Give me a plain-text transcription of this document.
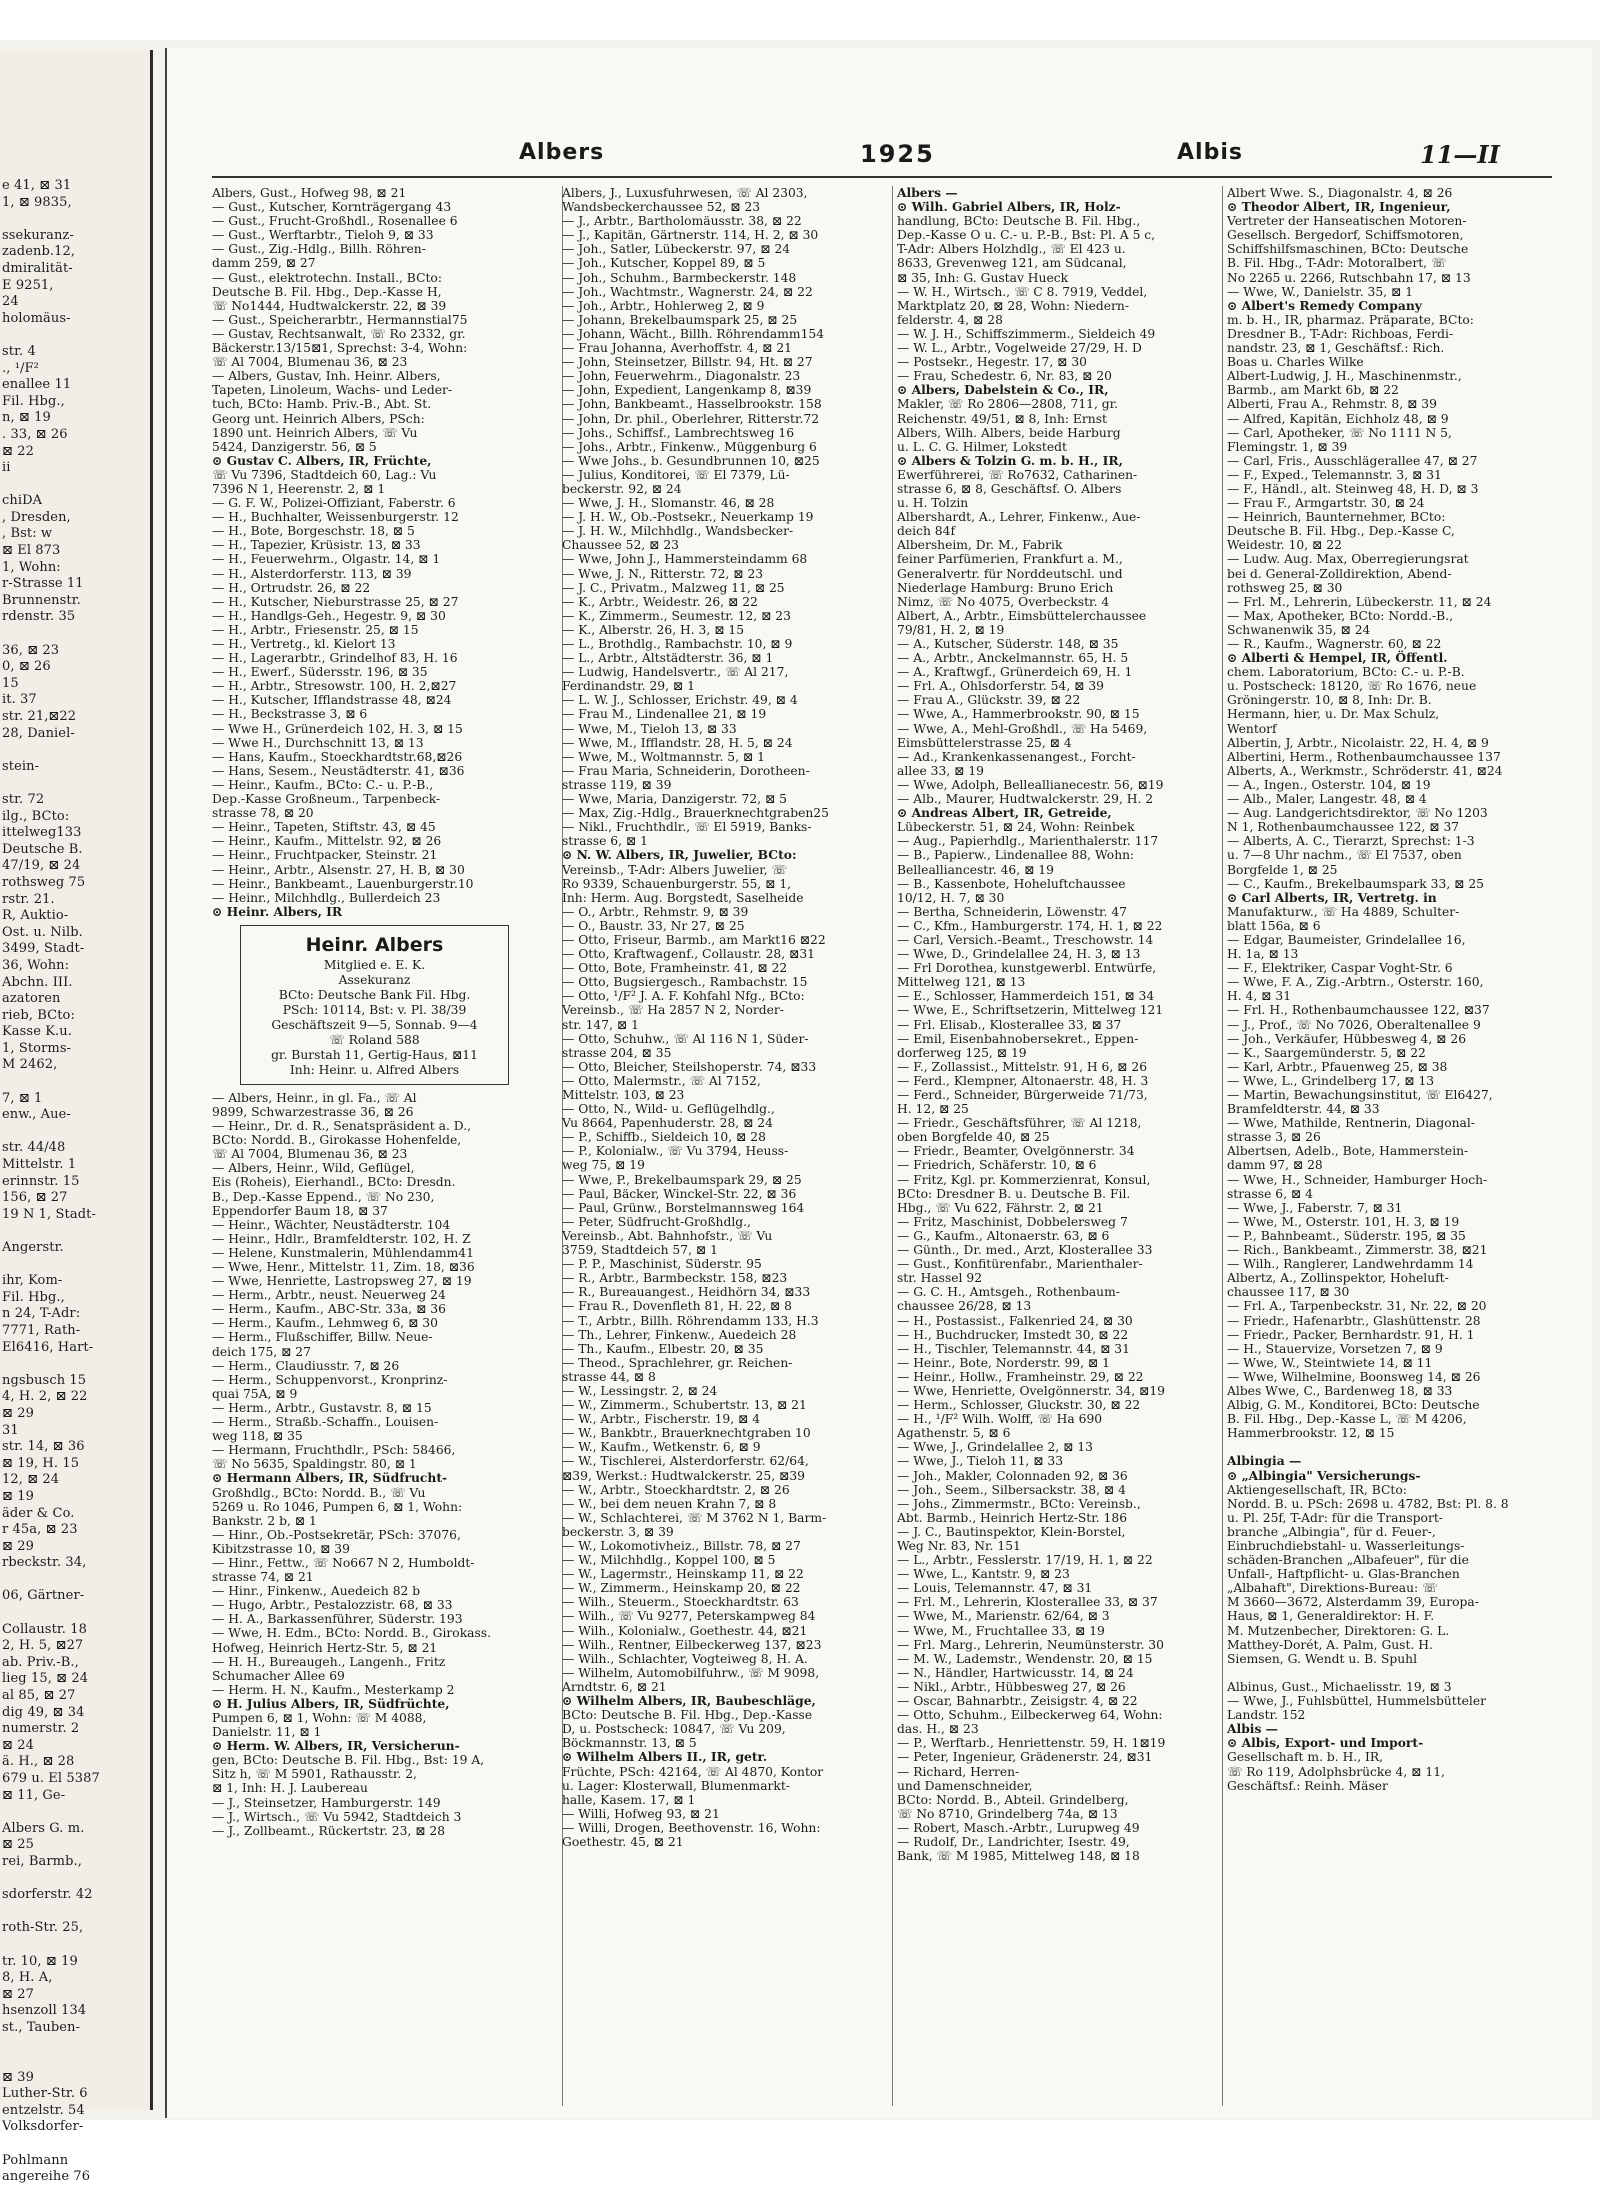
e 41, ⊠ 31
1, ⊠ 9835,

ssekuranz-
zadenb.12,
dmiralität-
E 9251,
24
holomäus-

str. 4
., ¹/F²
enallee 11
Fil. Hbg.,
n, ⊠ 19
. 33, ⊠ 26
⊠ 22
ii

chiDA
, Dresden,
, Bst: w
⊠ El 873
1, Wohn:
r-Strasse 11
Brunnenstr.
rdenstr. 35

36, ⊠ 23
0, ⊠ 26
15
it. 37
str. 21,⊠22
28, Daniel-

stein-

str. 72
ilg., BCto:
ittelweg133
Deutsche B.
47/19, ⊠ 24
rothsweg 75
rstr. 21.
R, Auktio-
Ost. u. Nilb.
3499, Stadt-
36, Wohn:
Abchn. III.
azatoren
rieb, BCto:
Kasse K.u.
1, Storms-
M 2462,

7, ⊠ 1
enw., Aue-

str. 44/48
Mittelstr. 1
erinnstr. 15
156, ⊠ 27
19 N 1, Stadt-

Angerstr.

ihr, Kom-
Fil. Hbg.,
n 24, T-Adr:
7771, Rath-
El6416, Hart-

ngsbusch 15
4, H. 2, ⊠ 22
⊠ 29
31
str. 14, ⊠ 36
⊠ 19, H. 15
12, ⊠ 24
⊠ 19
äder & Co.
r 45a, ⊠ 23
⊠ 29
rbeckstr. 34,

06, Gärtner-

Collaustr. 18
2, H. 5, ⊠27
ab. Priv.-B.,
lieg 15, ⊠ 24
al 85, ⊠ 27
dig 49, ⊠ 34
numerstr. 2
⊠ 24
ä. H., ⊠ 28
679 u. El 5387
⊠ 11, Ge-

Albers G. m.
⊠ 25
rei, Barmb.,

sdorferstr. 42

roth-Str. 25,

tr. 10, ⊠ 19
8, H. A,
⊠ 27
hsenzoll 134
st., Tauben-

⊠ 39
Luther-Str. 6
entzelstr. 54
Volksdorfer-

Pohlmann
angereihe 76
Albers	1925	Albis	11—II
Albers, Gust., Hofweg 98, ⊠ 21
— Gust., Kutscher, Kornträgergang 43
— Gust., Frucht-Großhdl., Rosenallee 6
— Gust., Werftarbtr., Tieloh 9, ⊠ 33
— Gust., Zig.-Hdlg., Billh. Röhren-
damm 259, ⊠ 27
— Gust., elektrotechn. Install., BCto:
Deutsche B. Fil. Hbg., Dep.-Kasse H,
☏ No1444, Hudtwalckerstr. 22, ⊠ 39
— Gust., Speicherarbtr., Hermannstial75
— Gustav, Rechtsanwalt, ☏ Ro 2332, gr.
Bäckerstr.13/15⊠1, Sprechst: 3-4, Wohn:
☏ Al 7004, Blumenau 36, ⊠ 23
— Albers, Gustav, Inh. Heinr. Albers,
Tapeten, Linoleum, Wachs- und Leder-
tuch, BCto: Hamb. Priv.-B., Abt. St.
Georg unt. Heinrich Albers, PSch:
1890 unt. Heinrich Albers, ☏ Vu
5424, Danzigerstr. 56, ⊠ 5
⊙ Gustav C. Albers, IR, Früchte,
☏ Vu 7396, Stadtdeich 60, Lag.: Vu
7396 N 1, Heerenstr. 2, ⊠ 1
— G. F. W., Polizei-Offiziant, Faberstr. 6
— H., Buchhalter, Weissenburgerstr. 12
— H., Bote, Borgeschstr. 18, ⊠ 5
— H., Tapezier, Krüsistr. 13, ⊠ 33
— H., Feuerwehrm., Olgastr. 14, ⊠ 1
— H., Alsterdorferstr. 113, ⊠ 39
— H., Ortrudstr. 26, ⊠ 22
— H., Kutscher, Nieburstrasse 25, ⊠ 27
— H., Handlgs-Geh., Hegestr. 9, ⊠ 30
— H., Arbtr., Friesenstr. 25, ⊠ 15
— H., Vertretg., kl. Kielort 13
— H., Lagerarbtr., Grindelhof 83, H. 16
— H., Ewerf., Südersstr. 196, ⊠ 35
— H., Arbtr., Stresowstr. 100, H. 2,⊠27
— H., Kutscher, Ifflandstrasse 48, ⊠24
— H., Beckstrasse 3, ⊠ 6
— Wwe H., Grünerdeich 102, H. 3, ⊠ 15
— Wwe H., Durchschnitt 13, ⊠ 13
— Hans, Kaufm., Stoeckhardtstr.68,⊠26
— Hans, Sesem., Neustädterstr. 41, ⊠36
— Heinr., Kaufm., BCto: C.- u. P.-B.,
Dep.-Kasse Großneum., Tarpenbeck-
strasse 78, ⊠ 20
— Heinr., Tapeten, Stiftstr. 43, ⊠ 45
— Heinr., Kaufm., Mittelstr. 92, ⊠ 26
— Heinr., Fruchtpacker, Steinstr. 21
— Heinr., Arbtr., Alsenstr. 27, H. B, ⊠ 30
— Heinr., Bankbeamt., Lauenburgerstr.10
— Heinr., Milchhdlg., Bullerdeich 23
⊙ Heinr. Albers, IR
Heinr. Albers
Mitglied e. E. K.
Assekuranz
BCto: Deutsche Bank Fil. Hbg.
PSch: 10114, Bst: v. Pl. 38/39
Geschäftszeit 9—5, Sonnab. 9—4
☏ Roland 588
gr. Burstah 11, Gertig-Haus, ⊠11
Inh: Heinr. u. Alfred Albers
— Albers, Heinr., in gl. Fa., ☏ Al
9899, Schwarzestrasse 36, ⊠ 26
— Heinr., Dr. d. R., Senatspräsident a. D.,
BCto: Nordd. B., Girokasse Hohenfelde,
☏ Al 7004, Blumenau 36, ⊠ 23
— Albers, Heinr., Wild, Geflügel,
Eis (Roheis), Eierhandl., BCto: Dresdn.
B., Dep.-Kasse Eppend., ☏ No 230,
Eppendorfer Baum 18, ⊠ 37
— Heinr., Wächter, Neustädterstr. 104
— Heinr., Hdlr., Bramfeldterstr. 102, H. Z
— Helene, Kunstmalerin, Mühlendamm41
— Wwe, Henr., Mittelstr. 11, Zim. 18, ⊠36
— Wwe, Henriette, Lastropsweg 27, ⊠ 19
— Herm., Arbtr., neust. Neuerweg 24
— Herm., Kaufm., ABC-Str. 33a, ⊠ 36
— Herm., Kaufm., Lehmweg 6, ⊠ 30
— Herm., Flußschiffer, Billw. Neue-
deich 175, ⊠ 27
— Herm., Claudiusstr. 7, ⊠ 26
— Herm., Schuppenvorst., Kronprinz-
quai 75A, ⊠ 9
— Herm., Arbtr., Gustavstr. 8, ⊠ 15
— Herm., Straßb.-Schaffn., Louisen-
weg 118, ⊠ 35
— Hermann, Fruchthdlr., PSch: 58466,
☏ No 5635, Spaldingstr. 80, ⊠ 1
⊙ Hermann Albers, IR, Südfrucht-
Großhdlg., BCto: Nordd. B., ☏ Vu
5269 u. Ro 1046, Pumpen 6, ⊠ 1, Wohn:
Bankstr. 2 b, ⊠ 1
— Hinr., Ob.-Postsekretär, PSch: 37076,
Kibitzstrasse 10, ⊠ 39
— Hinr., Fettw., ☏ No667 N 2, Humboldt-
strasse 74, ⊠ 21
— Hinr., Finkenw., Auedeich 82 b
— Hugo, Arbtr., Pestalozzistr. 68, ⊠ 33
— H. A., Barkassenführer, Süderstr. 193
— Wwe, H. Edm., BCto: Nordd. B., Girokass.
Hofweg, Heinrich Hertz-Str. 5, ⊠ 21
— H. H., Bureaugeh., Langenh., Fritz
Schumacher Allee 69
— Herm. H. N., Kaufm., Mesterkamp 2
⊙ H. Julius Albers, IR, Südfrüchte,
Pumpen 6, ⊠ 1, Wohn: ☏ M 4088,
Danielstr. 11, ⊠ 1
⊙ Herm. W. Albers, IR, Versicherun-
gen, BCto: Deutsche B. Fil. Hbg., Bst: 19 A,
Sitz h, ☏ M 5901, Rathausstr. 2,
⊠ 1, Inh: H. J. Laubereau
— J., Steinsetzer, Hamburgerstr. 149
— J., Wirtsch., ☏ Vu 5942, Stadtdeich 3
— J., Zollbeamt., Rückertstr. 23, ⊠ 28
Albers, J., Luxusfuhrwesen, ☏ Al 2303,
Wandsbeckerchaussee 52, ⊠ 23
— J., Arbtr., Bartholomäusstr. 38, ⊠ 22
— J., Kapitän, Gärtnerstr. 114, H. 2, ⊠ 30
— Joh., Satler, Lübeckerstr. 97, ⊠ 24
— Joh., Kutscher, Koppel 89, ⊠ 5
— Joh., Schuhm., Barmbeckerstr. 148
— Joh., Wachtmstr., Wagnerstr. 24, ⊠ 22
— Joh., Arbtr., Hohlerweg 2, ⊠ 9
— Johann, Brekelbaumspark 25, ⊠ 25
— Johann, Wächt., Billh. Röhrendamm154
— Frau Johanna, Averhoffstr. 4, ⊠ 21
— John, Steinsetzer, Billstr. 94, Ht. ⊠ 27
— John, Feuerwehrm., Diagonalstr. 23
— John, Expedient, Langenkamp 8, ⊠39
— John, Bankbeamt., Hasselbrookstr. 158
— John, Dr. phil., Oberlehrer, Ritterstr.72
— Johs., Schiffsf., Lambrechtsweg 16
— Johs., Arbtr., Finkenw., Müggenburg 6
— Wwe Johs., b. Gesundbrunnen 10, ⊠25
— Julius, Konditorei, ☏ El 7379, Lü-
beckerstr. 92, ⊠ 24
— Wwe, J. H., Slomanstr. 46, ⊠ 28
— J. H. W., Ob.-Postsekr., Neuerkamp 19
— J. H. W., Milchhdlg., Wandsbecker-
Chaussee 52, ⊠ 23
— Wwe, John J., Hammersteindamm 68
— Wwe, J. N., Ritterstr. 72, ⊠ 23
— J. C., Privatm., Malzweg 11, ⊠ 25
— K., Arbtr., Weidestr. 26, ⊠ 22
— K., Zimmerm., Seumestr. 12, ⊠ 23
— K., Alberstr. 26, H. 3, ⊠ 15
— L., Brothdlg., Rambachstr. 10, ⊠ 9
— L., Arbtr., Altstädterstr. 36, ⊠ 1
— Ludwig, Handelsvertr., ☏ Al 217,
Ferdinandstr. 29, ⊠ 1
— L. W. J., Schlosser, Erichstr. 49, ⊠ 4
— Frau M., Lindenallee 21, ⊠ 19
— Wwe, M., Tieloh 13, ⊠ 33
— Wwe, M., Ifflandstr. 28, H. 5, ⊠ 24
— Wwe, M., Woltmannstr. 5, ⊠ 1
— Frau Maria, Schneiderin, Dorotheen-
strasse 119, ⊠ 39
— Wwe, Maria, Danzigerstr. 72, ⊠ 5
— Max, Zig.-Hdlg., Brauerknechtgraben25
— Nikl., Fruchthdlr., ☏ El 5919, Banks-
strasse 6, ⊠ 1
⊙ N. W. Albers, IR, Juwelier, BCto:
Vereinsb., T-Adr: Albers Juwelier, ☏
Ro 9339, Schauenburgerstr. 55, ⊠ 1,
Inh: Herm. Aug. Borgstedt, Saselheide
— O., Arbtr., Rehmstr. 9, ⊠ 39
— O., Baustr. 33, Nr 27, ⊠ 25
— Otto, Friseur, Barmb., am Markt16 ⊠22
— Otto, Kraftwagenf., Collaustr. 28, ⊠31
— Otto, Bote, Framheinstr. 41, ⊠ 22
— Otto, Bugsiergesch., Rambachstr. 15
— Otto, ¹/F² J. A. F. Kohfahl Nfg., BCto:
Vereinsb., ☏ Ha 2857 N 2, Norder-
str. 147, ⊠ 1
— Otto, Schuhw., ☏ Al 116 N 1, Süder-
strasse 204, ⊠ 35
— Otto, Bleicher, Steilshoperstr. 74, ⊠33
— Otto, Malermstr., ☏ Al 7152,
Mittelstr. 103, ⊠ 23
— Otto, N., Wild- u. Geflügelhdlg.,
Vu 8664, Papenhuderstr. 28, ⊠ 24
— P., Schiffb., Sieldeich 10, ⊠ 28
— P., Kolonialw., ☏ Vu 3794, Heuss-
weg 75, ⊠ 19
— Wwe, P., Brekelbaumspark 29, ⊠ 25
— Paul, Bäcker, Winckel-Str. 22, ⊠ 36
— Paul, Grünw., Borstelmannsweg 164
— Peter, Südfrucht-Großhdlg.,
Vereinsb., Abt. Bahnhofstr., ☏ Vu
3759, Stadtdeich 57, ⊠ 1
— P. P., Maschinist, Süderstr. 95
— R., Arbtr., Barmbeckstr. 158, ⊠23
— R., Bureauangest., Heidhörn 34, ⊠33
— Frau R., Dovenfleth 81, H. 22, ⊠ 8
— T., Arbtr., Billh. Röhrendamm 133, H.3
— Th., Lehrer, Finkenw., Auedeich 28
— Th., Kaufm., Elbestr. 20, ⊠ 35
— Theod., Sprachlehrer, gr. Reichen-
strasse 44, ⊠ 8
— W., Lessingstr. 2, ⊠ 24
— W., Zimmerm., Schubertstr. 13, ⊠ 21
— W., Arbtr., Fischerstr. 19, ⊠ 4
— W., Bankbtr., Brauerknechtgraben 10
— W., Kaufm., Wetkenstr. 6, ⊠ 9
— W., Tischlerei, Alsterdorferstr. 62/64,
⊠39, Werkst.: Hudtwalckerstr. 25, ⊠39
— W., Arbtr., Stoeckhardtstr. 2, ⊠ 26
— W., bei dem neuen Krahn 7, ⊠ 8
— W., Schlachterei, ☏ M 3762 N 1, Barm-
beckerstr. 3, ⊠ 39
— W., Lokomotivheiz., Billstr. 78, ⊠ 27
— W., Milchhdlg., Koppel 100, ⊠ 5
— W., Lagermstr., Heinskamp 11, ⊠ 22
— W., Zimmerm., Heinskamp 20, ⊠ 22
— Wilh., Steuerm., Stoeckhardtstr. 63
— Wilh., ☏ Vu 9277, Peterskampweg 84
— Wilh., Kolonialw., Goethestr. 44, ⊠21
— Wilh., Rentner, Eilbeckerweg 137, ⊠23
— Wilh., Schlachter, Vogteiweg 8, H. A.
— Wilhelm, Automobilfuhrw., ☏ M 9098,
Arndtstr. 6, ⊠ 21
⊙ Wilhelm Albers, IR, Baubeschläge,
BCto: Deutsche B. Fil. Hbg., Dep.-Kasse
D, u. Postscheck: 10847, ☏ Vu 209,
Böckmannstr. 13, ⊠ 5
⊙ Wilhelm Albers II., IR, getr.
Früchte, PSch: 42164, ☏ Al 4870, Kontor
u. Lager: Klosterwall, Blumenmarkt-
halle, Kasem. 17, ⊠ 1
— Willi, Hofweg 93, ⊠ 21
— Willi, Drogen, Beethovenstr. 16, Wohn:
Goethestr. 45, ⊠ 21
Albers —
⊙ Wilh. Gabriel Albers, IR, Holz-
handlung, BCto: Deutsche B. Fil. Hbg.,
Dep.-Kasse O u. C.- u. P.-B., Bst: Pl. A 5 c,
T-Adr: Albers Holzhdlg., ☏ El 423 u.
8633, Grevenweg 121, am Südcanal,
⊠ 35, Inh: G. Gustav Hueck
— W. H., Wirtsch., ☏ C 8. 7919, Veddel,
Marktplatz 20, ⊠ 28, Wohn: Niedern-
felderstr. 4, ⊠ 28
— W. J. H., Schiffszimmerm., Sieldeich 49
— W. L., Arbtr., Vogelweide 27/29, H. D
— Postsekr., Hegestr. 17, ⊠ 30
— Frau, Schedestr. 6, Nr. 83, ⊠ 20
⊙ Albers, Dabelstein & Co., IR,
Makler, ☏ Ro 2806—2808, 711, gr.
Reichenstr. 49/51, ⊠ 8, Inh: Ernst
Albers, Wilh. Albers, beide Harburg
u. L. C. G. Hilmer, Lokstedt
⊙ Albers & Tolzin G. m. b. H., IR,
Ewerführerei, ☏ Ro7632, Catharinen-
strasse 6, ⊠ 8, Geschäftsf. O. Albers
u. H. Tolzin
Albershardt, A., Lehrer, Finkenw., Aue-
deich 84f
Albersheim, Dr. M., Fabrik
feiner Parfümerien, Frankfurt a. M.,
Generalvertr. für Norddeutschl. und
Niederlage Hamburg: Bruno Erich
Nimz, ☏ No 4075, Overbeckstr. 4
Albert, A., Arbtr., Eimsbüttelerchaussee
79/81, H. 2, ⊠ 19
— A., Kutscher, Süderstr. 148, ⊠ 35
— A., Arbtr., Anckelmannstr. 65, H. 5
— A., Kraftwgf., Grünerdeich 69, H. 1
— Frl. A., Ohlsdorferstr. 54, ⊠ 39
— Frau A., Glückstr. 39, ⊠ 22
— Wwe, A., Hammerbrookstr. 90, ⊠ 15
— Wwe, A., Mehl-Großhdl., ☏ Ha 5469,
Eimsbüttelerstrasse 25, ⊠ 4
— Ad., Krankenkassenangest., Forcht-
allee 33, ⊠ 19
— Wwe, Adolph, Belleallianecestr. 56, ⊠19
— Alb., Maurer, Hudtwalckerstr. 29, H. 2
⊙ Andreas Albert, IR, Getreide,
Lübeckerstr. 51, ⊠ 24, Wohn: Reinbek
— Aug., Papierhdlg., Marienthalerstr. 117
— B., Papierw., Lindenallee 88, Wohn:
Bellealliancestr. 46, ⊠ 19
— B., Kassenbote, Hoheluftchaussee
10/12, H. 7, ⊠ 30
— Bertha, Schneiderin, Löwenstr. 47
— C., Kfm., Hamburgerstr. 174, H. 1, ⊠ 22
— Carl, Versich.-Beamt., Treschowstr. 14
— Wwe, D., Grindelallee 24, H. 3, ⊠ 13
— Frl Dorothea, kunstgewerbl. Entwürfe,
Mittelweg 121, ⊠ 13
— E., Schlosser, Hammerdeich 151, ⊠ 34
— Wwe, E., Schriftsetzerin, Mittelweg 121
— Frl. Elisab., Klosterallee 33, ⊠ 37
— Emil, Eisenbahnobersekret., Eppen-
dorferweg 125, ⊠ 19
— F., Zollassist., Mittelstr. 91, H 6, ⊠ 26
— Ferd., Klempner, Altonaerstr. 48, H. 3
— Ferd., Schneider, Bürgerweide 71/73,
H. 12, ⊠ 25
— Friedr., Geschäftsführer, ☏ Al 1218,
oben Borgfelde 40, ⊠ 25
— Friedr., Beamter, Ovelgönnerstr. 34
— Friedrich, Schäferstr. 10, ⊠ 6
— Fritz, Kgl. pr. Kommerzienrat, Konsul,
BCto: Dresdner B. u. Deutsche B. Fil.
Hbg., ☏ Vu 622, Fährstr. 2, ⊠ 21
— Fritz, Maschinist, Dobbelersweg 7
— G., Kaufm., Altonaerstr. 63, ⊠ 6
— Günth., Dr. med., Arzt, Klosterallee 33
— Gust., Konfitürenfabr., Marienthaler-
str. Hassel 92
— G. C. H., Amtsgeh., Rothenbaum-
chaussee 26/28, ⊠ 13
— H., Postassist., Falkenried 24, ⊠ 30
— H., Buchdrucker, Imstedt 30, ⊠ 22
— H., Tischler, Telemannstr. 44, ⊠ 31
— Heinr., Bote, Norderstr. 99, ⊠ 1
— Heinr., Hollw., Framheinstr. 29, ⊠ 22
— Wwe, Henriette, Ovelgönnerstr. 34, ⊠19
— Herm., Schlosser, Gluckstr. 30, ⊠ 22
— H., ¹/F² Wilh. Wolff, ☏ Ha 690
Agathenstr. 5, ⊠ 6
— Wwe, J., Grindelallee 2, ⊠ 13
— Wwe, J., Tieloh 11, ⊠ 33
— Joh., Makler, Colonnaden 92, ⊠ 36
— Joh., Seem., Silbersackstr. 38, ⊠ 4
— Johs., Zimmermstr., BCto: Vereinsb.,
Abt. Barmb., Heinrich Hertz-Str. 186
— J. C., Bautinspektor, Klein-Borstel,
Weg Nr. 83, Nr. 151
— L., Arbtr., Fesslerstr. 17/19, H. 1, ⊠ 22
— Wwe, L., Kantstr. 9, ⊠ 23
— Louis, Telemannstr. 47, ⊠ 31
— Frl. M., Lehrerin, Klosterallee 33, ⊠ 37
— Wwe, M., Marienstr. 62/64, ⊠ 3
— Wwe, M., Fruchtallee 33, ⊠ 19
— Frl. Marg., Lehrerin, Neumünsterstr. 30
— M. W., Lademstr., Wendenstr. 20, ⊠ 15
— N., Händler, Hartwicusstr. 14, ⊠ 24
— Nikl., Arbtr., Hübbesweg 27, ⊠ 26
— Oscar, Bahnarbtr., Zeisigstr. 4, ⊠ 22
— Otto, Schuhm., Eilbeckerweg 64, Wohn:
das. H., ⊠ 23
— P., Werftarb., Henriettenstr. 59, H. 1⊠19
— Peter, Ingenieur, Grädenerstr. 24, ⊠31
— Richard, Herren-
und Damenschneider,
BCto: Nordd. B., Abteil. Grindelberg,
☏ No 8710, Grindelberg 74a, ⊠ 13
— Robert, Masch.-Arbtr., Lurupweg 49
— Rudolf, Dr., Landrichter, Isestr. 49,
Bank, ☏ M 1985, Mittelweg 148, ⊠ 18
Albert Wwe. S., Diagonalstr. 4, ⊠ 26
⊙ Theodor Albert, IR, Ingenieur,
Vertreter der Hanseatischen Motoren-
Gesellsch. Bergedorf, Schiffsmotoren,
Schiffshilfsmaschinen, BCto: Deutsche
B. Fil. Hbg., T-Adr: Motoralbert, ☏
No 2265 u. 2266, Rutschbahn 17, ⊠ 13
— Wwe, W., Danielstr. 35, ⊠ 1
⊙ Albert's Remedy Company
m. b. H., IR, pharmaz. Präparate, BCto:
Dresdner B., T-Adr: Richboas, Ferdi-
nandstr. 23, ⊠ 1, Geschäftsf.: Rich.
Boas u. Charles Wilke
Albert-Ludwig, J. H., Maschinenmstr.,
Barmb., am Markt 6b, ⊠ 22
Alberti, Frau A., Rehmstr. 8, ⊠ 39
— Alfred, Kapitän, Eichholz 48, ⊠ 9
— Carl, Apotheker, ☏ No 1111 N 5,
Flemingstr. 1, ⊠ 39
— Carl, Fris., Ausschlägerallee 47, ⊠ 27
— F., Exped., Telemannstr. 3, ⊠ 31
— F., Händl., alt. Steinweg 48, H. D, ⊠ 3
— Frau F., Armgartstr. 30, ⊠ 24
— Heinrich, Baunternehmer, BCto:
Deutsche B. Fil. Hbg., Dep.-Kasse C,
Weidestr. 10, ⊠ 22
— Ludw. Aug. Max, Oberregierungsrat
bei d. General-Zolldirektion, Abend-
rothsweg 25, ⊠ 30
— Frl. M., Lehrerin, Lübeckerstr. 11, ⊠ 24
— Max, Apotheker, BCto: Nordd.-B.,
Schwanenwik 35, ⊠ 24
— R., Kaufm., Wagnerstr. 60, ⊠ 22
⊙ Alberti & Hempel, IR, Öffentl.
chem. Laboratorium, BCto: C.- u. P.-B.
u. Postscheck: 18120, ☏ Ro 1676, neue
Gröningerstr. 10, ⊠ 8, Inh: Dr. B.
Hermann, hier, u. Dr. Max Schulz,
Wentorf
Albertin, J, Arbtr., Nicolaistr. 22, H. 4, ⊠ 9
Albertini, Herm., Rothenbaumchaussee 137
Alberts, A., Werkmstr., Schröderstr. 41, ⊠24
— A., Ingen., Osterstr. 104, ⊠ 19
— Alb., Maler, Langestr. 48, ⊠ 4
— Aug. Landgerichtsdirektor, ☏ No 1203
N 1, Rothenbaumchaussee 122, ⊠ 37
— Alberts, A. C., Tierarzt, Sprechst: 1-3
u. 7—8 Uhr nachm., ☏ El 7537, oben
Borgfelde 1, ⊠ 25
— C., Kaufm., Brekelbaumspark 33, ⊠ 25
⊙ Carl Alberts, IR, Vertretg. in
Manufakturw., ☏ Ha 4889, Schulter-
blatt 156a, ⊠ 6
— Edgar, Baumeister, Grindelallee 16,
H. 1a, ⊠ 13
— F., Elektriker, Caspar Voght-Str. 6
— Wwe, F. A., Zig.-Arbtrn., Osterstr. 160,
H. 4, ⊠ 31
— Frl. H., Rothenbaumchaussee 122, ⊠37
— J., Prof., ☏ No 7026, Oberaltenallee 9
— Joh., Verkäufer, Hübbesweg 4, ⊠ 26
— K., Saargemünderstr. 5, ⊠ 22
— Karl, Arbtr., Pfauenweg 25, ⊠ 38
— Wwe, L., Grindelberg 17, ⊠ 13
— Martin, Bewachungsinstitut, ☏ El6427,
Bramfeldterstr. 44, ⊠ 33
— Wwe, Mathilde, Rentnerin, Diagonal-
strasse 3, ⊠ 26
Albertsen, Adelb., Bote, Hammerstein-
damm 97, ⊠ 28
— Wwe, H., Schneider, Hamburger Hoch-
strasse 6, ⊠ 4
— Wwe, J., Faberstr. 7, ⊠ 31
— Wwe, M., Osterstr. 101, H. 3, ⊠ 19
— P., Bahnbeamt., Süderstr. 195, ⊠ 35
— Rich., Bankbeamt., Zimmerstr. 38, ⊠21
— Wilh., Ranglerer, Landwehrdamm 14
Albertz, A., Zollinspektor, Hoheluft-
chaussee 117, ⊠ 30
— Frl. A., Tarpenbeckstr. 31, Nr. 22, ⊠ 20
— Friedr., Hafenarbtr., Glashüttenstr. 28
— Friedr., Packer, Bernhardstr. 91, H. 1
— H., Stauervize, Vorsetzen 7, ⊠ 9
— Wwe, W., Steintwiete 14, ⊠ 11
— Wwe, Wilhelmine, Boonsweg 14, ⊠ 26
Albes Wwe, C., Bardenweg 18, ⊠ 33
Albig, G. M., Konditorei, BCto: Deutsche
B. Fil. Hbg., Dep.-Kasse L, ☏ M 4206,
Hammerbrookstr. 12, ⊠ 15

Albingia —
⊙ „Albingia" Versicherungs-
Aktiengesellschaft, IR, BCto:
Nordd. B. u. PSch: 2698 u. 4782, Bst: Pl. 8. 8
u. Pl. 25f, T-Adr: für die Transport-
branche „Albingia", für d. Feuer-,
Einbruchdiebstahl- u. Wasserleitungs-
schäden-Branchen „Albafeuer", für die
Unfall-, Haftpflicht- u. Glas-Branchen
„Albahaft", Direktions-Bureau: ☏
M 3660—3672, Alsterdamm 39, Europa-
Haus, ⊠ 1, Generaldirektor: H. F.
M. Mutzenbecher, Direktoren: G. L.
Matthey-Dorét, A. Palm, Gust. H.
Siemsen, G. Wendt u. B. Spuhl

Albinus, Gust., Michaelisstr. 19, ⊠ 3
— Wwe, J., Fuhlsbüttel, Hummelsbütteler
Landstr. 152
Albis —
⊙ Albis, Export- und Import-
Gesellschaft m. b. H., IR,
☏ Ro 119, Adolphsbrücke 4, ⊠ 11,
Geschäftsf.: Reinh. Mäser
